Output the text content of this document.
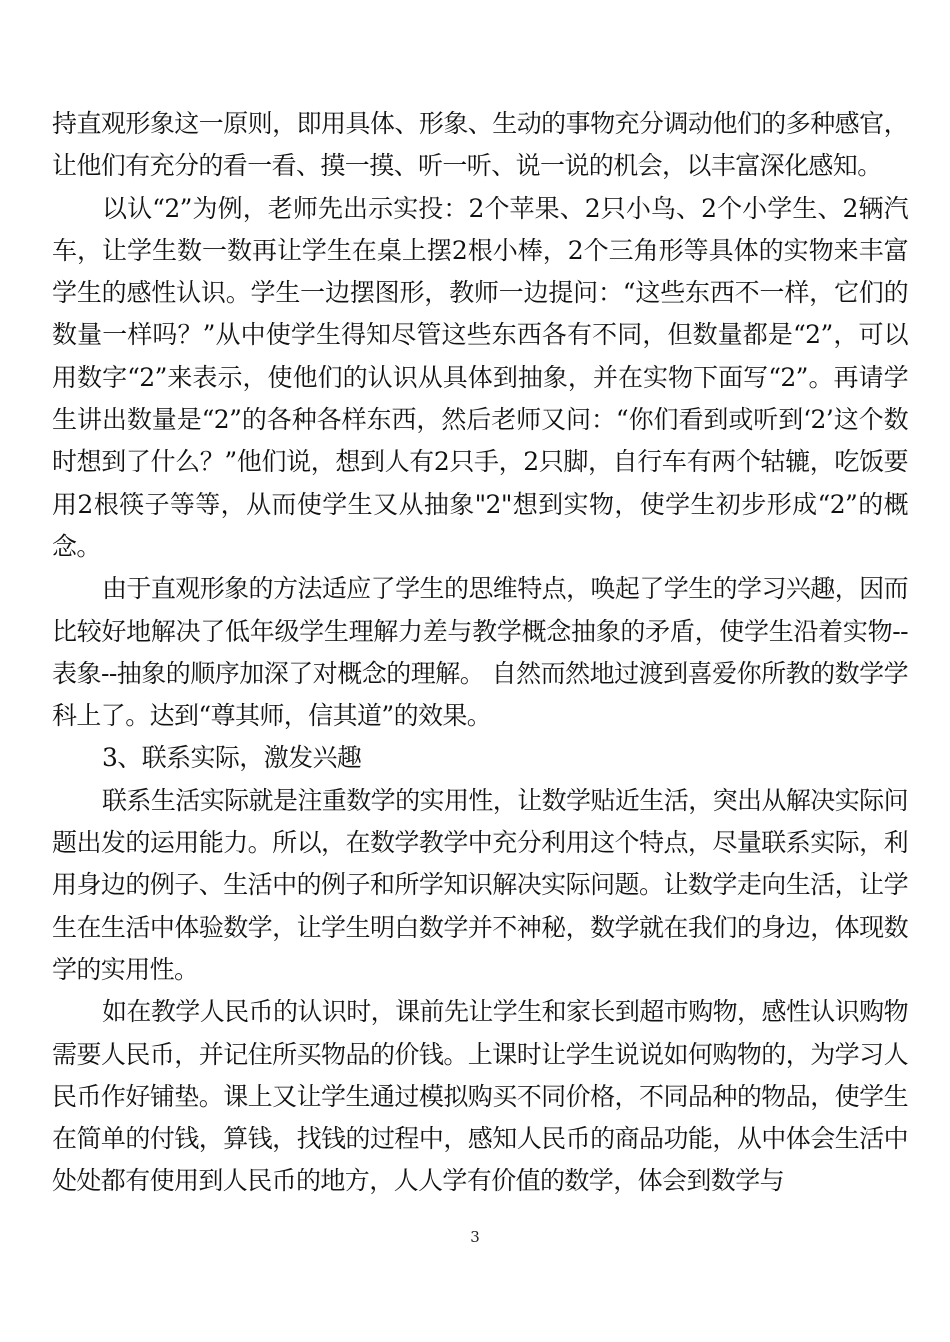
持直观形象这一原则，即用具体、形象、生动的事物充分调动他们的多种感官，让他们有充分的看一看、摸一摸、听一听、说一说的机会，以丰富深化感知。

以认“2”为例，老师先出示实投：2个苹果、2只小鸟、2个小学生、2辆汽车，让学生数一数再让学生在桌上摆2根小棒，2个三角形等具体的实物来丰富学生的感性认识。学生一边摆图形，教师一边提问：“这些东西不一样，它们的数量一样吗？”从中使学生得知尽管这些东西各有不同，但数量都是“2”，可以用数字“2”来表示，使他们的认识从具体到抽象，并在实物下面写“2”。再请学生讲出数量是“2”的各种各样东西，然后老师又问：“你们看到或听到‘2’这个数时想到了什么？”他们说，想到人有2只手，2只脚，自行车有两个轱辘，吃饭要用2根筷子等等，从而使学生又从抽象"2"想到实物，使学生初步形成“2”的概念。

由于直观形象的方法适应了学生的思维特点，唤起了学生的学习兴趣，因而比较好地解决了低年级学生理解力差与教学概念抽象的矛盾，使学生沿着实物--表象--抽象的顺序加深了对概念的理解。 自然而然地过渡到喜爱你所教的数学学科上了。达到“尊其师，信其道”的效果。

3、联系实际，激发兴趣

联系生活实际就是注重数学的实用性，让数学贴近生活，突出从解决实际问题出发的运用能力。所以，在数学教学中充分利用这个特点，尽量联系实际，利用身边的例子、生活中的例子和所学知识解决实际问题。让数学走向生活，让学生在生活中体验数学，让学生明白数学并不神秘，数学就在我们的身边，体现数学的实用性。

如在教学人民币的认识时，课前先让学生和家长到超市购物，感性认识购物需要人民币，并记住所买物品的价钱。上课时让学生说说如何购物的，为学习人民币作好铺垫。课上又让学生通过模拟购买不同价格，不同品种的物品，使学生在简单的付钱，算钱，找钱的过程中，感知人民币的商品功能，从中体会生活中处处都有使用到人民币的地方，人人学有价值的数学，体会到数学与

3
